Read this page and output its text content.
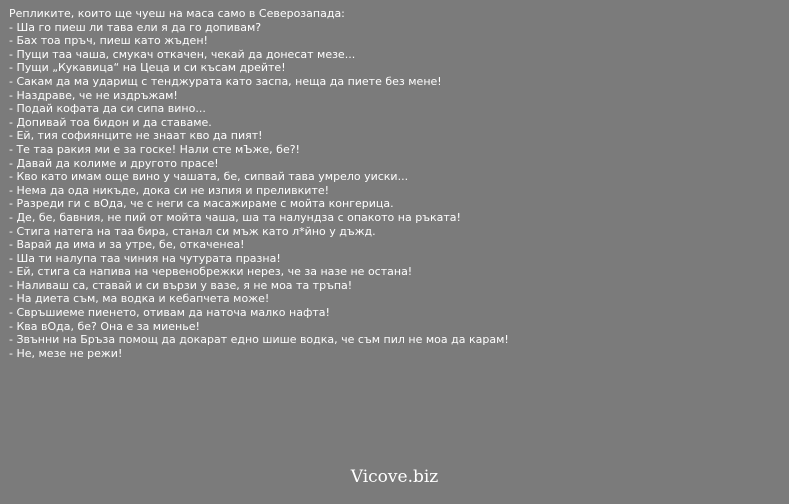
Репликите, които ще чуеш на маса само в Северозапада:
- Ша го пиеш ли тава ели я да го допивам?
- Бах тоа пръч, пиеш като жъден!
- Пущи таа чаша, смукач откачен, чекай да донесат мезе...
- Пущи „Кукавица“ на Цеца и си късам дрейте!
- Сакам да ма ударищ с тенджурата като заспа, неща да пиете без мене!
- Наздраве, че не издръжам!
- Подай кофата да си сипа вино...
- Допивай тоа бидон и да ставаме.
- Ей, тия софиянците не знаат кво да пият!
- Те таа ракия ми е за госке! Нали сте мЪже, бе?!
- Давай да колиме и другото прасе!
- Кво като имам още вино у чашата, бе, сипвай тава умрело уиски...
- Нема да ода никъде, дока си не изпия и преливките!
- Разреди ги с вОда, че с неги са масажираме с мойта конгерица.
- Де, бе, бавния, не пий от мойта чаша, ша та налундза с опакото на ръката!
- Стига натега на таа бира, станал си мъж като л*йно у дъжд.
- Варай да има и за утре, бе, откаченеа!
- Ша ти налупа таа чиния на чутурата празна!
- Ей, стига са напива на червенобрежки нерез, че за назе не остана!
- Наливаш са, ставай и си вързи у вазе, я не моа та тръпа!
- На диета съм, ма водка и кебапчета може!
- Свръшиеме пиенето, отивам да наточа малко нафта!
- Ква вОда, бе? Она е за миенье!
- Звънни на Бръза помощ да докарат едно шише водка, че съм пил не моа да карам!
- Не, мезе не режи!
Vicove.biz
